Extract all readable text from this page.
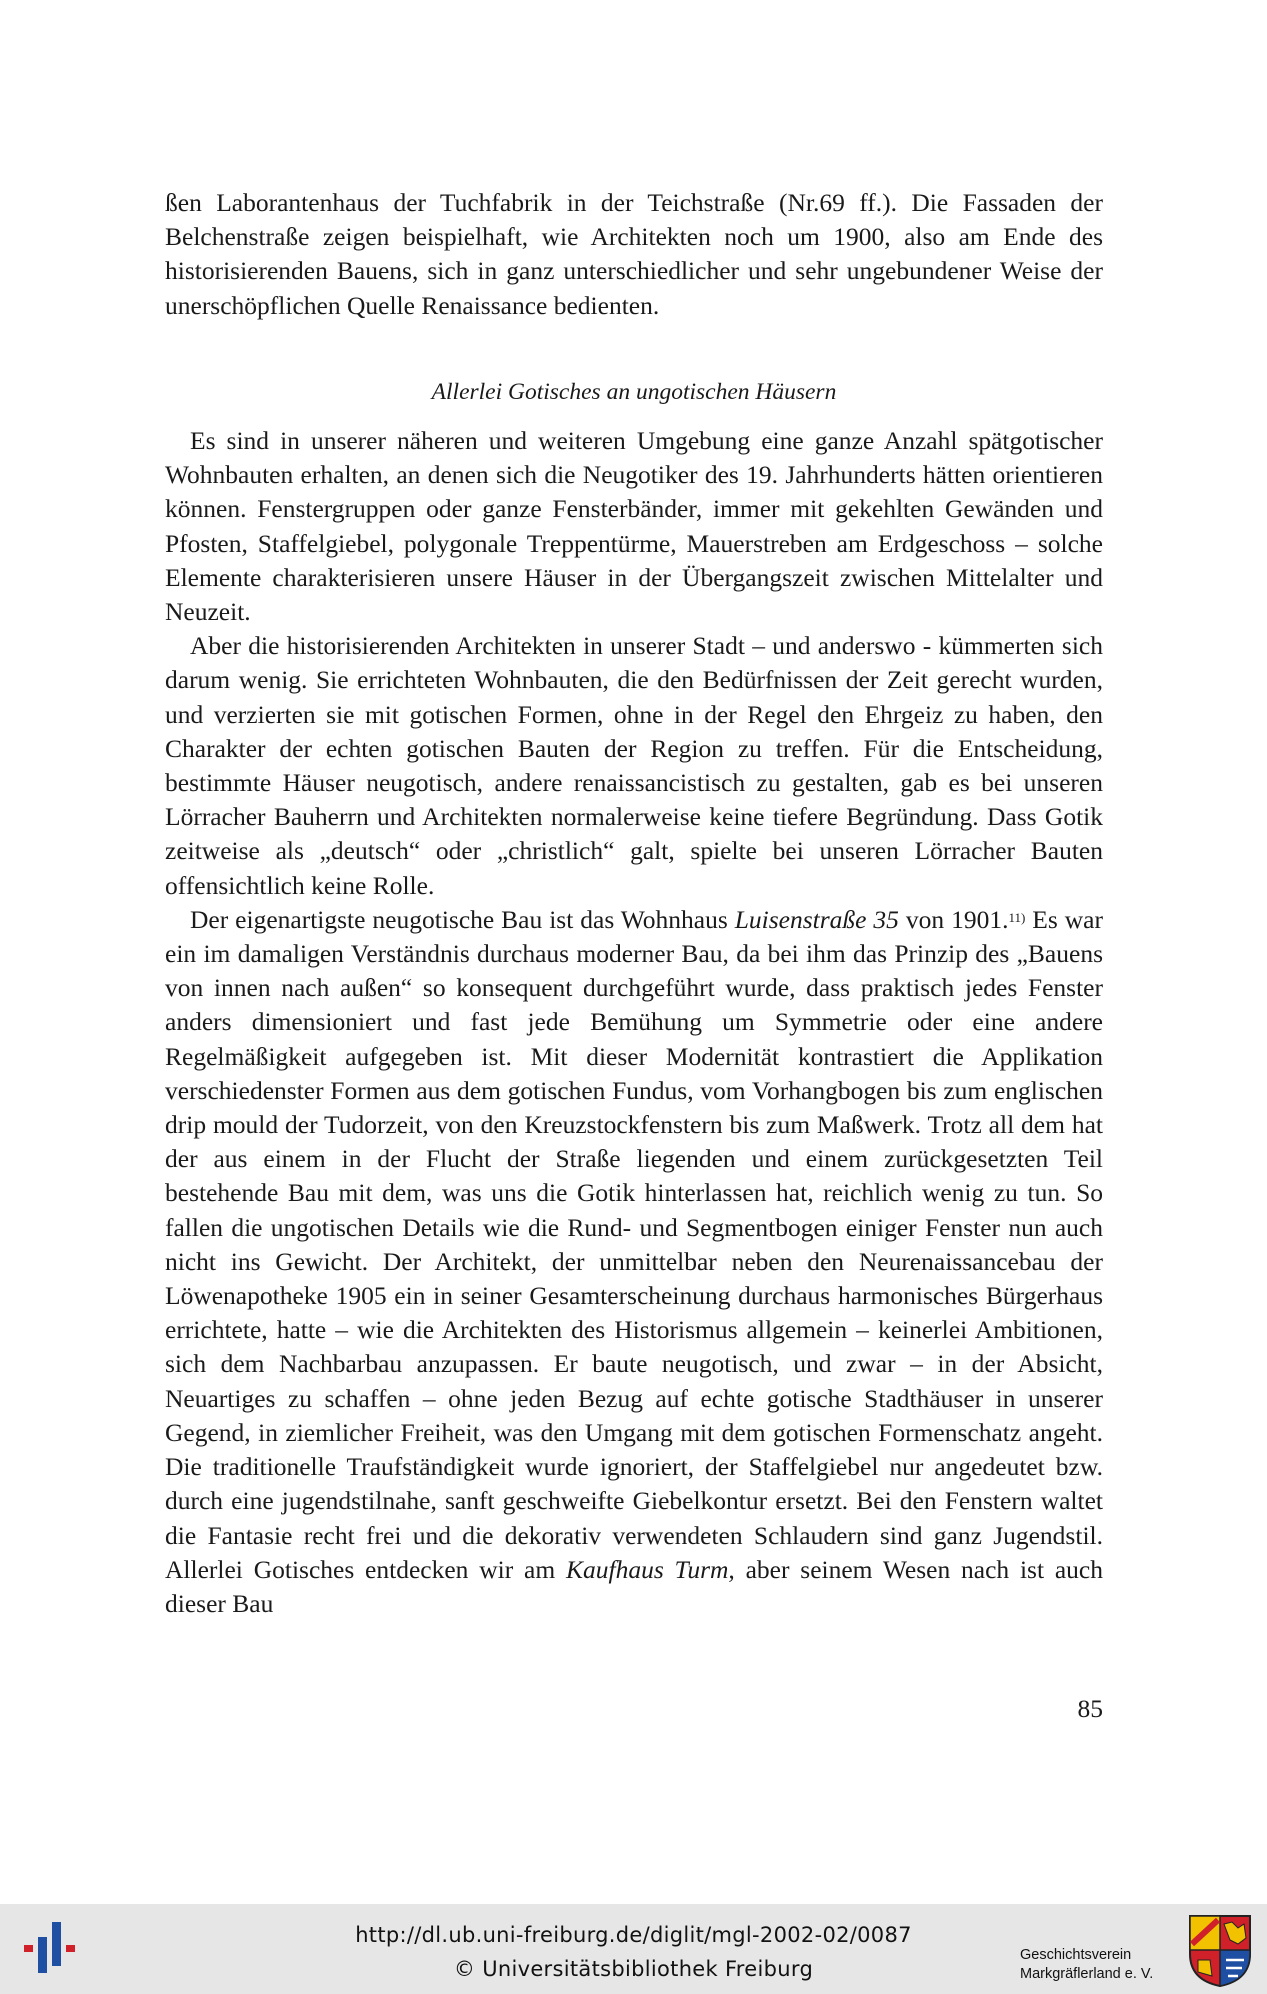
ßen Laborantenhaus der Tuchfabrik in der Teichstraße (Nr.69 ff.). Die Fassaden der Belchenstraße zeigen beispielhaft, wie Architekten noch um 1900, also am Ende des historisierenden Bauens, sich in ganz unterschiedlicher und sehr ungebundener Weise der unerschöpflichen Quelle Renaissance bedienten.

Allerlei Gotisches an ungotischen Häusern

Es sind in unserer näheren und weiteren Umgebung eine ganze Anzahl spätgotischer Wohnbauten erhalten, an denen sich die Neugotiker des 19. Jahrhunderts hätten orientieren können. Fenstergruppen oder ganze Fensterbänder, immer mit gekehlten Gewänden und Pfosten, Staffelgiebel, polygonale Treppentürme, Mauerstreben am Erdgeschoss – solche Elemente charakterisieren unsere Häuser in der Übergangszeit zwischen Mittelalter und Neuzeit.

Aber die historisierenden Architekten in unserer Stadt – und anderswo - kümmerten sich darum wenig. Sie errichteten Wohnbauten, die den Bedürfnissen der Zeit gerecht wurden, und verzierten sie mit gotischen Formen, ohne in der Regel den Ehrgeiz zu haben, den Charakter der echten gotischen Bauten der Region zu treffen. Für die Entscheidung, bestimmte Häuser neugotisch, andere renaissancistisch zu gestalten, gab es bei unseren Lörracher Bauherrn und Architekten normalerweise keine tiefere Begründung. Dass Gotik zeitweise als „deutsch“ oder „christlich“ galt, spielte bei unseren Lörracher Bauten offensichtlich keine Rolle.

Der eigenartigste neugotische Bau ist das Wohnhaus Luisenstraße 35 von 1901.$^{11)}$ Es war ein im damaligen Verständnis durchaus moderner Bau, da bei ihm das Prinzip des „Bauens von innen nach außen“ so konsequent durchgeführt wurde, dass praktisch jedes Fenster anders dimensioniert und fast jede Bemühung um Symmetrie oder eine andere Regelmäßigkeit aufgegeben ist. Mit dieser Modernität kontrastiert die Applikation verschiedenster Formen aus dem gotischen Fundus, vom Vorhangbogen bis zum englischen drip mould der Tudorzeit, von den Kreuzstockfenstern bis zum Maßwerk. Trotz all dem hat der aus einem in der Flucht der Straße liegenden und einem zurückgesetzten Teil bestehende Bau mit dem, was uns die Gotik hinterlassen hat, reichlich wenig zu tun. So fallen die ungotischen Details wie die Rund- und Segmentbogen einiger Fenster nun auch nicht ins Gewicht. Der Architekt, der unmittelbar neben den Neurenaissancebau der Löwenapotheke 1905 ein in seiner Gesamterscheinung durchaus harmonisches Bürgerhaus errichtete, hatte – wie die Architekten des Historismus allgemein – keinerlei Ambitionen, sich dem Nachbarbau anzupassen. Er baute neugotisch, und zwar – in der Absicht, Neuartiges zu schaffen – ohne jeden Bezug auf echte gotische Stadthäuser in unserer Gegend, in ziemlicher Freiheit, was den Umgang mit dem gotischen Formenschatz angeht. Die traditionelle Traufständigkeit wurde ignoriert, der Staffelgiebel nur angedeutet bzw. durch eine jugendstilnahe, sanft geschweifte Giebelkontur ersetzt. Bei den Fenstern waltet die Fantasie recht frei und die dekorativ verwendeten Schlaudern sind ganz Jugendstil. Allerlei Gotisches entdecken wir am Kaufhaus Turm, aber seinem Wesen nach ist auch dieser Bau

85
http://dl.ub.uni-freiburg.de/diglit/mgl-2002-02/0087
© Universitätsbibliothek Freiburg
Geschichtsverein
Markgräflerland e. V.
